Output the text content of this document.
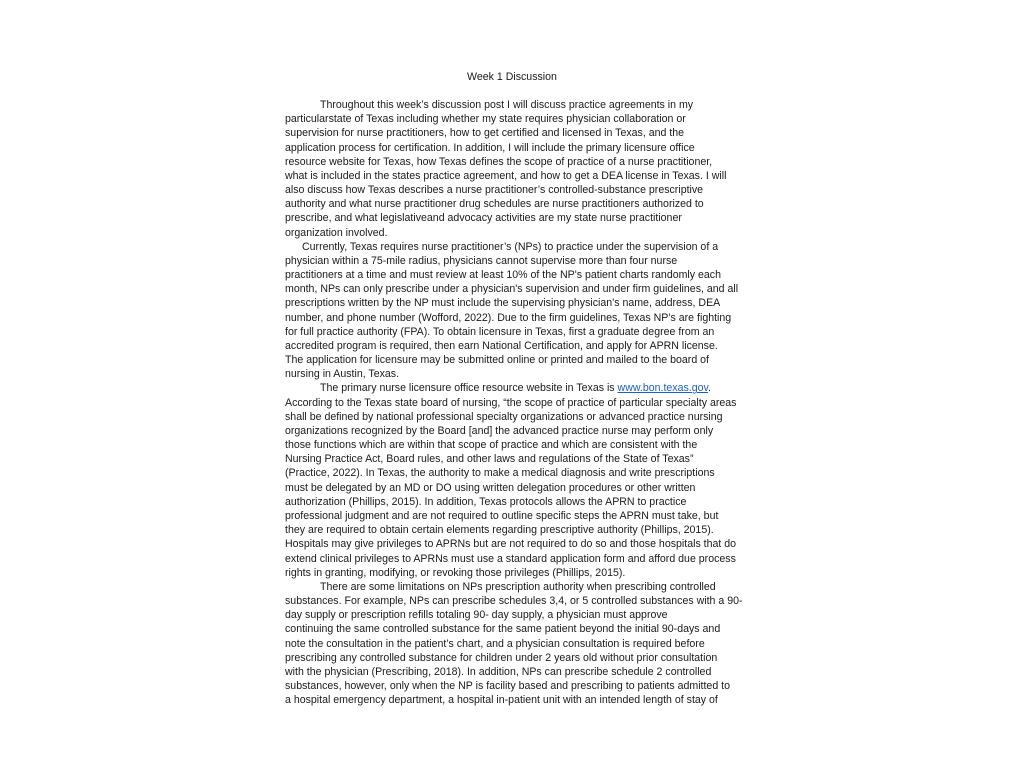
Week 1 Discussion
Throughout this week’s discussion post I will discuss practice agreements in my
particularstate of Texas including whether my state requires physician collaboration or
supervision for nurse practitioners, how to get certified and licensed in Texas, and the
application process for certification. In addition, I will include the primary licensure office
resource website for Texas, how Texas defines the scope of practice of a nurse practitioner,
what is included in the states practice agreement, and how to get a DEA license in Texas. I will
also discuss how Texas describes a nurse practitioner’s controlled-substance prescriptive
authority and what nurse practitioner drug schedules are nurse practitioners authorized to
prescribe, and what legislativeand advocacy activities are my state nurse practitioner
organization involved.
Currently, Texas requires nurse practitioner’s (NPs) to practice under the supervision of a
physician within a 75-mile radius, physicians cannot supervise more than four nurse
practitioners at a time and must review at least 10% of the NP's patient charts randomly each
month, NPs can only prescribe under a physician's supervision and under firm guidelines, and all
prescriptions written by the NP must include the supervising physician's name, address, DEA
number, and phone number (Wofford, 2022). Due to the firm guidelines, Texas NP’s are fighting
for full practice authority (FPA). To obtain licensure in Texas, first a graduate degree from an
accredited program is required, then earn National Certification, and apply for APRN license.
The application for licensure may be submitted online or printed and mailed to the board of
nursing in Austin, Texas.
The primary nurse licensure office resource website in Texas is www.bon.texas.gov.
According to the Texas state board of nursing, “the scope of practice of particular specialty areas
shall be defined by national professional specialty organizations or advanced practice nursing
organizations recognized by the Board [and] the advanced practice nurse may perform only
those functions which are within that scope of practice and which are consistent with the
Nursing Practice Act, Board rules, and other laws and regulations of the State of Texas”
(Practice, 2022). In Texas, the authority to make a medical diagnosis and write prescriptions
must be delegated by an MD or DO using written delegation procedures or other written
authorization (Phillips, 2015). In addition, Texas protocols allows the APRN to practice
professional judgment and are not required to outline specific steps the APRN must take, but
they are required to obtain certain elements regarding prescriptive authority (Phillips, 2015).
Hospitals may give privileges to APRNs but are not required to do so and those hospitals that do
extend clinical privileges to APRNs must use a standard application form and afford due process
rights in granting, modifying, or revoking those privileges (Phillips, 2015).
There are some limitations on NPs prescription authority when prescribing controlled
substances. For example, NPs can prescribe schedules 3,4, or 5 controlled substances with a 90-
day supply or prescription refills totaling 90- day supply, a physician must approve
continuing the same controlled substance for the same patient beyond the initial 90-days and
note the consultation in the patient’s chart, and a physician consultation is required before
prescribing any controlled substance for children under 2 years old without prior consultation
with the physician (Prescribing, 2018). In addition, NPs can prescribe schedule 2 controlled
substances, however, only when the NP is facility based and prescribing to patients admitted to
a hospital emergency department, a hospital in-patient unit with an intended length of stay of
